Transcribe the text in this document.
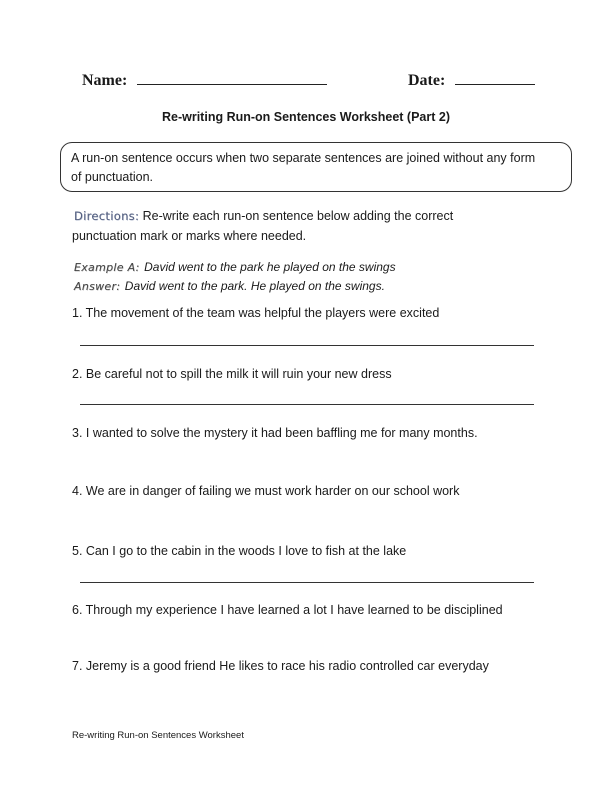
Name:	Date:
Re-writing Run-on Sentences Worksheet (Part 2)
A run-on sentence occurs when two separate sentences are joined without any form
of punctuation.
Directions: Re-write each run-on sentence below adding the correct
punctuation mark or marks where needed.
Example A: David went to the park he played on the swings
Answer: David went to the park. He played on the swings.
1. The movement of the team was helpful the players were excited
2. Be careful not to spill the milk it will ruin your new dress
3. I wanted to solve the mystery it had been baffling me for many months.
4. We are in danger of failing we must work harder on our school work
5. Can I go to the cabin in the woods I love to fish at the lake
6. Through my experience I have learned a lot I have learned to be disciplined
7. Jeremy is a good friend He likes to race his radio controlled car everyday
Re-writing Run-on Sentences Worksheet
